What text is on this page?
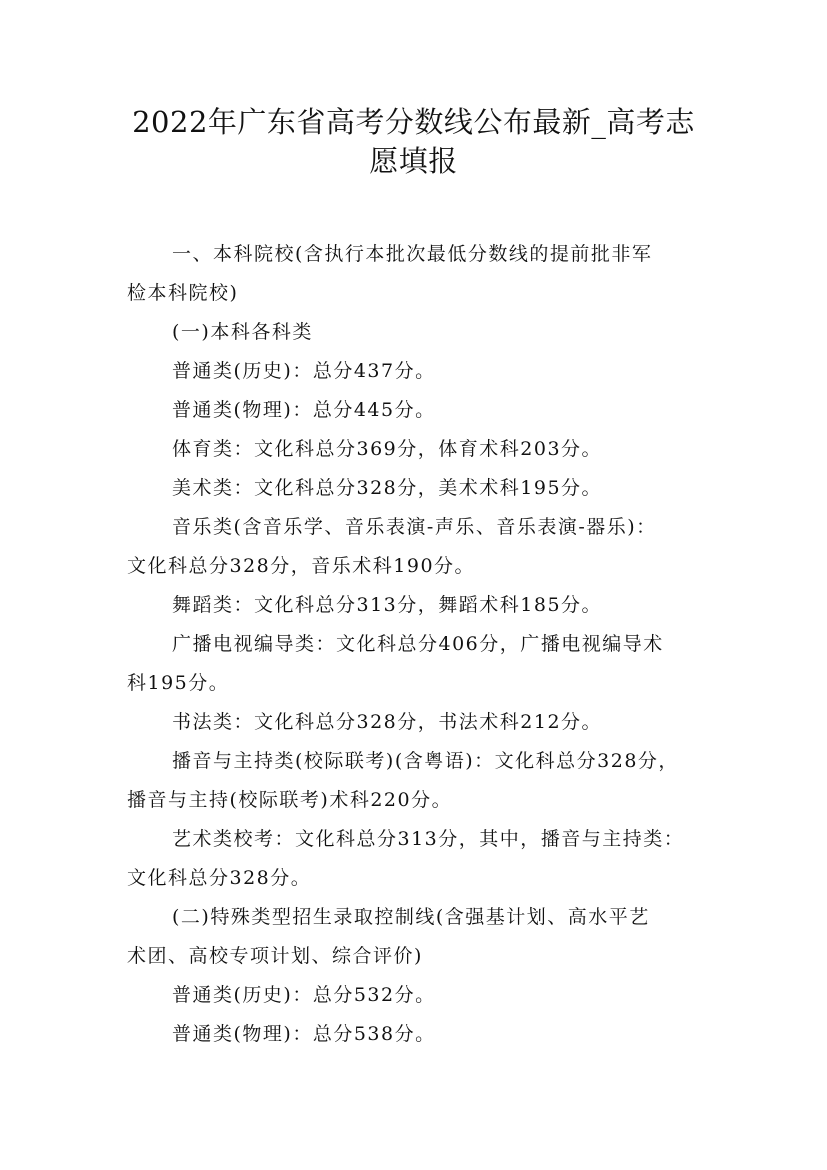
2022年广东省高考分数线公布最新_高考志
愿填报
一、本科院校(含执行本批次最低分数线的提前批非军
检本科院校)
(一)本科各科类
普通类(历史)：总分437分。
普通类(物理)：总分445分。
体育类：文化科总分369分，体育术科203分。
美术类：文化科总分328分，美术术科195分。
音乐类(含音乐学、音乐表演-声乐、音乐表演-器乐)：
文化科总分328分，音乐术科190分。
舞蹈类：文化科总分313分，舞蹈术科185分。
广播电视编导类：文化科总分406分，广播电视编导术
科195分。
书法类：文化科总分328分，书法术科212分。
播音与主持类(校际联考)(含粤语)：文化科总分328分，
播音与主持(校际联考)术科220分。
艺术类校考：文化科总分313分，其中，播音与主持类：
文化科总分328分。
(二)特殊类型招生录取控制线(含强基计划、高水平艺
术团、高校专项计划、综合评价)
普通类(历史)：总分532分。
普通类(物理)：总分538分。
